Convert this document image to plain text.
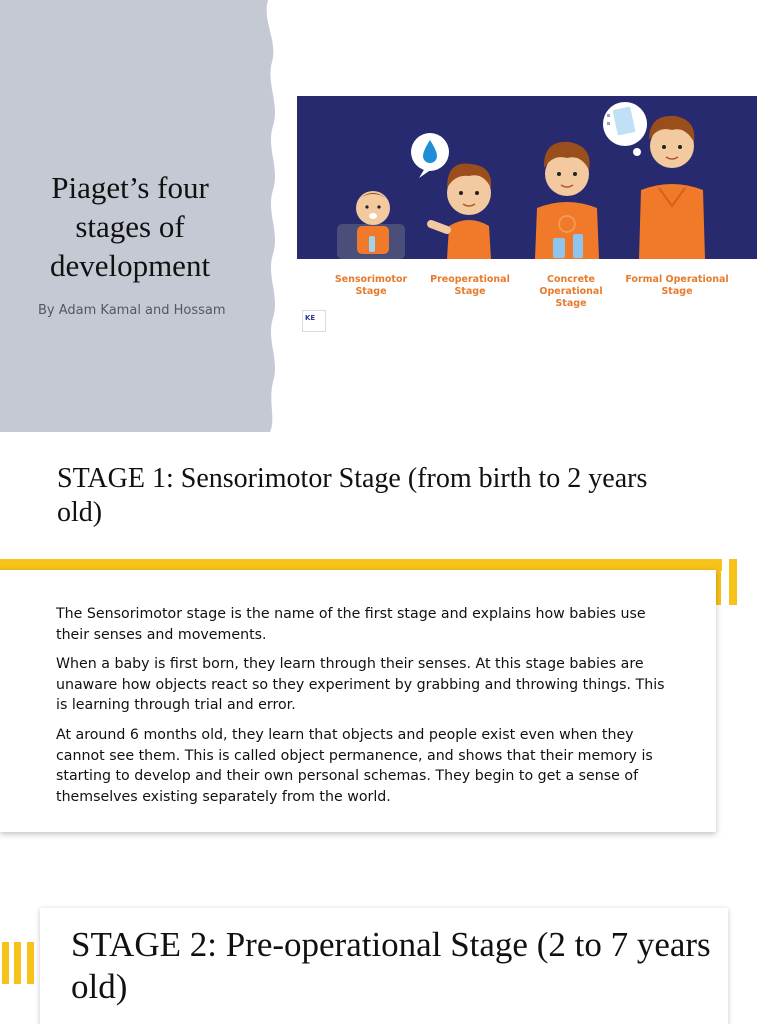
Piaget’s four stages of development
By Adam Kamal and Hossam
Sensorimotor
Stage
Preoperational
Stage
Concrete Operational
Stage
Formal Operational
Stage
KE
STAGE 1: Sensorimotor Stage (from birth to 2 years old)

The Sensorimotor stage is the name of the first stage and explains how babies use their senses and movements.

When a baby is first born, they learn through their senses. At this stage babies are unaware how objects react so they experiment by grabbing and throwing things. This is learning through trial and error.

At around 6 months old, they learn that objects and people exist even when they cannot see them. This is called object permanence, and shows that their memory is starting to develop and their own personal schemas. They begin to get a sense of themselves existing separately from the world.

STAGE 2: Pre-operational Stage (2 to 7 years old)
